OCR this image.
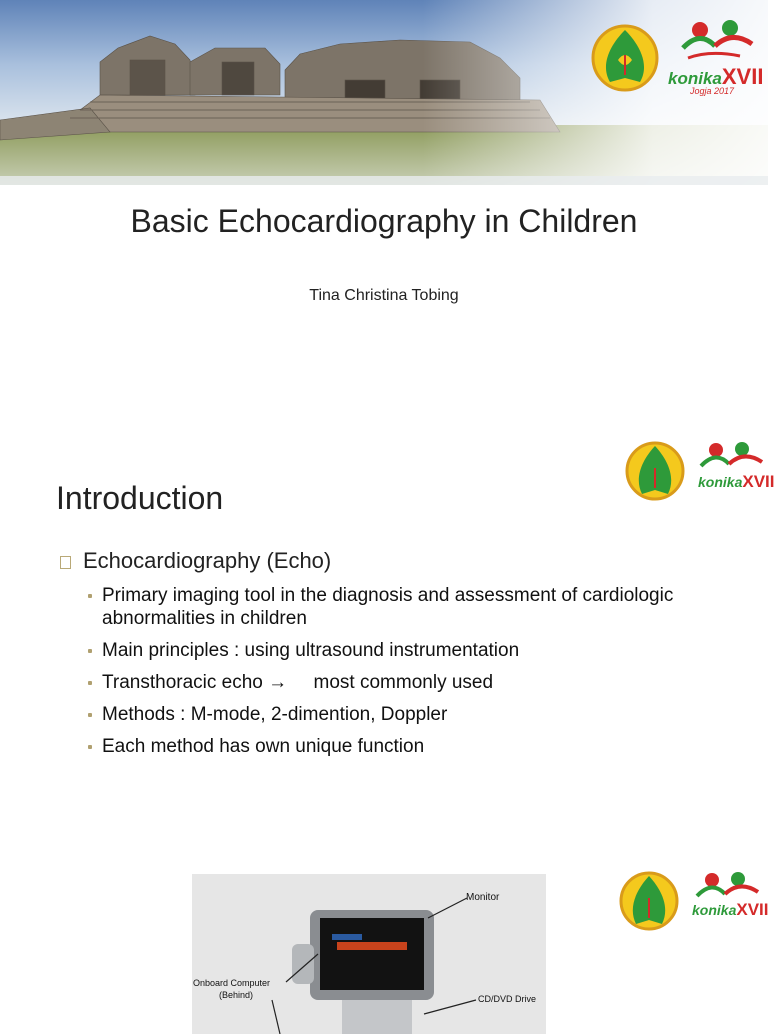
konikaXVII
Jogja 2017
Basic Echocardiography in Children
Tina Christina Tobing
Introduction	konikaXVII
Echocardiography (Echo)
Primary imaging tool in the diagnosis and assessment of cardiologic abnormalities in children
Main principles : using ultrasound instrumentation
Transthoracic echo →     most commonly used
Methods : M-mode, 2-dimention, Doppler
Each method has own unique function
Monitor
Onboard Computer
(Behind)	CD/DVD Drive
konikaXVII
